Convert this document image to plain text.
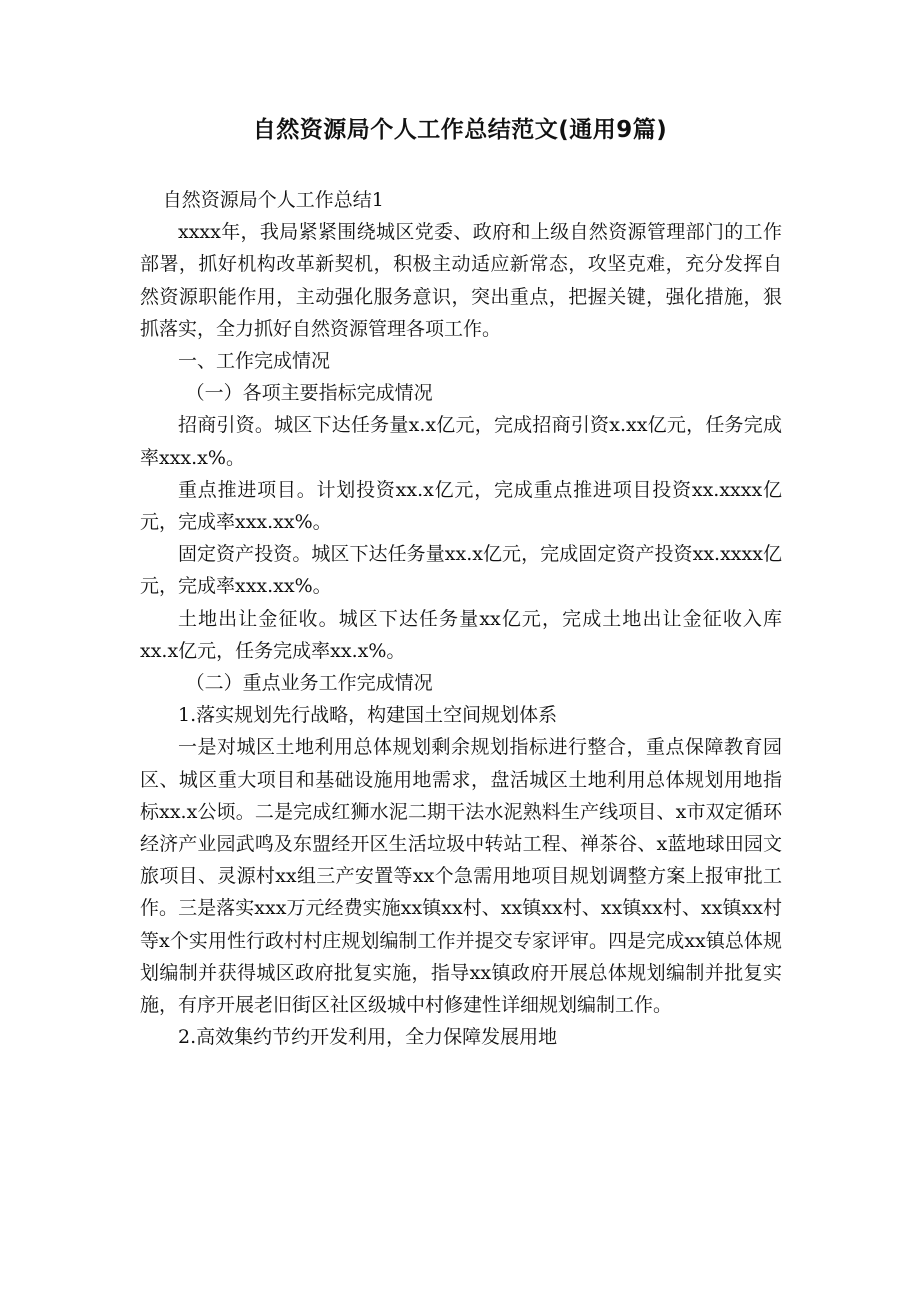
自然资源局个人工作总结范文(通用9篇)

自然资源局个人工作总结1

xxxx年，我局紧紧围绕城区党委、政府和上级自然资源管理部门的工作部署，抓好机构改革新契机，积极主动适应新常态，攻坚克难，充分发挥自然资源职能作用，主动强化服务意识，突出重点，把握关键，强化措施，狠抓落实，全力抓好自然资源管理各项工作。

一、工作完成情况

（一）各项主要指标完成情况

招商引资。城区下达任务量x.x亿元，完成招商引资x.xx亿元，任务完成率xxx.x%。

重点推进项目。计划投资xx.x亿元，完成重点推进项目投资xx.xxxx亿元，完成率xxx.xx%。

固定资产投资。城区下达任务量xx.x亿元，完成固定资产投资xx.xxxx亿元，完成率xxx.xx%。

土地出让金征收。城区下达任务量xx亿元，完成土地出让金征收入库xx.x亿元，任务完成率xx.x%。

（二）重点业务工作完成情况

1.落实规划先行战略，构建国土空间规划体系

一是对城区土地利用总体规划剩余规划指标进行整合，重点保障教育园区、城区重大项目和基础设施用地需求，盘活城区土地利用总体规划用地指标xx.x公顷。二是完成红狮水泥二期干法水泥熟料生产线项目、x市双定循环经济产业园武鸣及东盟经开区生活垃圾中转站工程、禅茶谷、x蓝地球田园文旅项目、灵源村xx组三产安置等xx个急需用地项目规划调整方案上报审批工作。三是落实xxx万元经费实施xx镇xx村、xx镇xx村、xx镇xx村、xx镇xx村等x个实用性行政村村庄规划编制工作并提交专家评审。四是完成xx镇总体规划编制并获得城区政府批复实施，指导xx镇政府开展总体规划编制并批复实施，有序开展老旧街区社区级城中村修建性详细规划编制工作。

2.高效集约节约开发利用，全力保障发展用地
